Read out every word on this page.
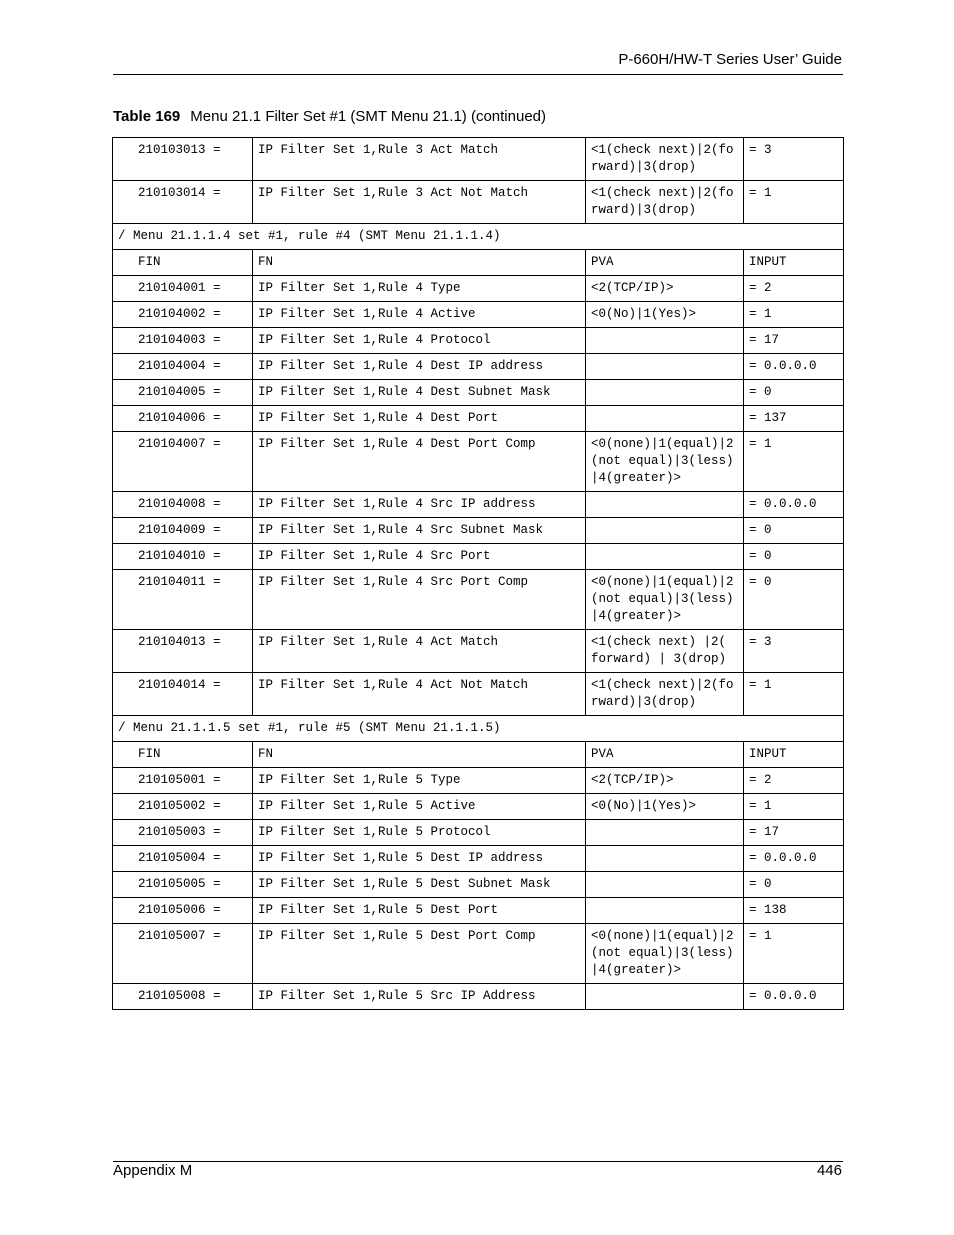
P-660H/HW-T Series User’ Guide
Table 169 Menu 21.1 Filter Set #1 (SMT Menu 21.1) (continued)
210103013 =	IP Filter Set 1,Rule 3 Act Match	<1(check next)|2(forward)|3(drop)	= 3
210103014 =	IP Filter Set 1,Rule 3 Act Not Match	<1(check next)|2(forward)|3(drop)	= 1
/ Menu 21.1.1.4 set #1, rule #4 (SMT Menu 21.1.1.4)			
FIN	FN	PVA	INPUT
210104001 =	IP Filter Set 1,Rule 4 Type	<2(TCP/IP)>	= 2
210104002 =	IP Filter Set 1,Rule 4 Active	<0(No)|1(Yes)>	= 1
210104003 =	IP Filter Set 1,Rule 4 Protocol		= 17
210104004 =	IP Filter Set 1,Rule 4 Dest IP address		= 0.0.0.0
210104005 =	IP Filter Set 1,Rule 4 Dest Subnet Mask		= 0
210104006 =	IP Filter Set 1,Rule 4 Dest Port		= 137
210104007 =	IP Filter Set 1,Rule 4 Dest Port Comp	<0(none)|1(equal)|2(not equal)|3(less)|4(greater)>	= 1
210104008 =	IP Filter Set 1,Rule 4 Src IP address		= 0.0.0.0
210104009 =	IP Filter Set 1,Rule 4 Src Subnet Mask		= 0
210104010 =	IP Filter Set 1,Rule 4 Src Port		= 0
210104011 =	IP Filter Set 1,Rule 4 Src Port Comp	<0(none)|1(equal)|2(not equal)|3(less)|4(greater)>	= 0
210104013 =	IP Filter Set 1,Rule 4 Act Match	<1(check next) |2( forward) | 3(drop)	= 3
210104014 =	IP Filter Set 1,Rule 4 Act Not Match	<1(check next)|2(forward)|3(drop)	= 1
/ Menu 21.1.1.5 set #1, rule #5 (SMT Menu 21.1.1.5)			
FIN	FN	PVA	INPUT
210105001 =	IP Filter Set 1,Rule 5 Type	<2(TCP/IP)>	= 2
210105002 =	IP Filter Set 1,Rule 5 Active	<0(No)|1(Yes)>	= 1
210105003 =	IP Filter Set 1,Rule 5 Protocol		= 17
210105004 =	IP Filter Set 1,Rule 5 Dest IP address		= 0.0.0.0
210105005 =	IP Filter Set 1,Rule 5 Dest Subnet Mask		= 0
210105006 =	IP Filter Set 1,Rule 5 Dest Port		= 138
210105007 =	IP Filter Set 1,Rule 5 Dest Port Comp	<0(none)|1(equal)|2(not equal)|3(less)|4(greater)>	= 1
210105008 =	IP Filter Set 1,Rule 5 Src IP Address		= 0.0.0.0
Appendix M	446
